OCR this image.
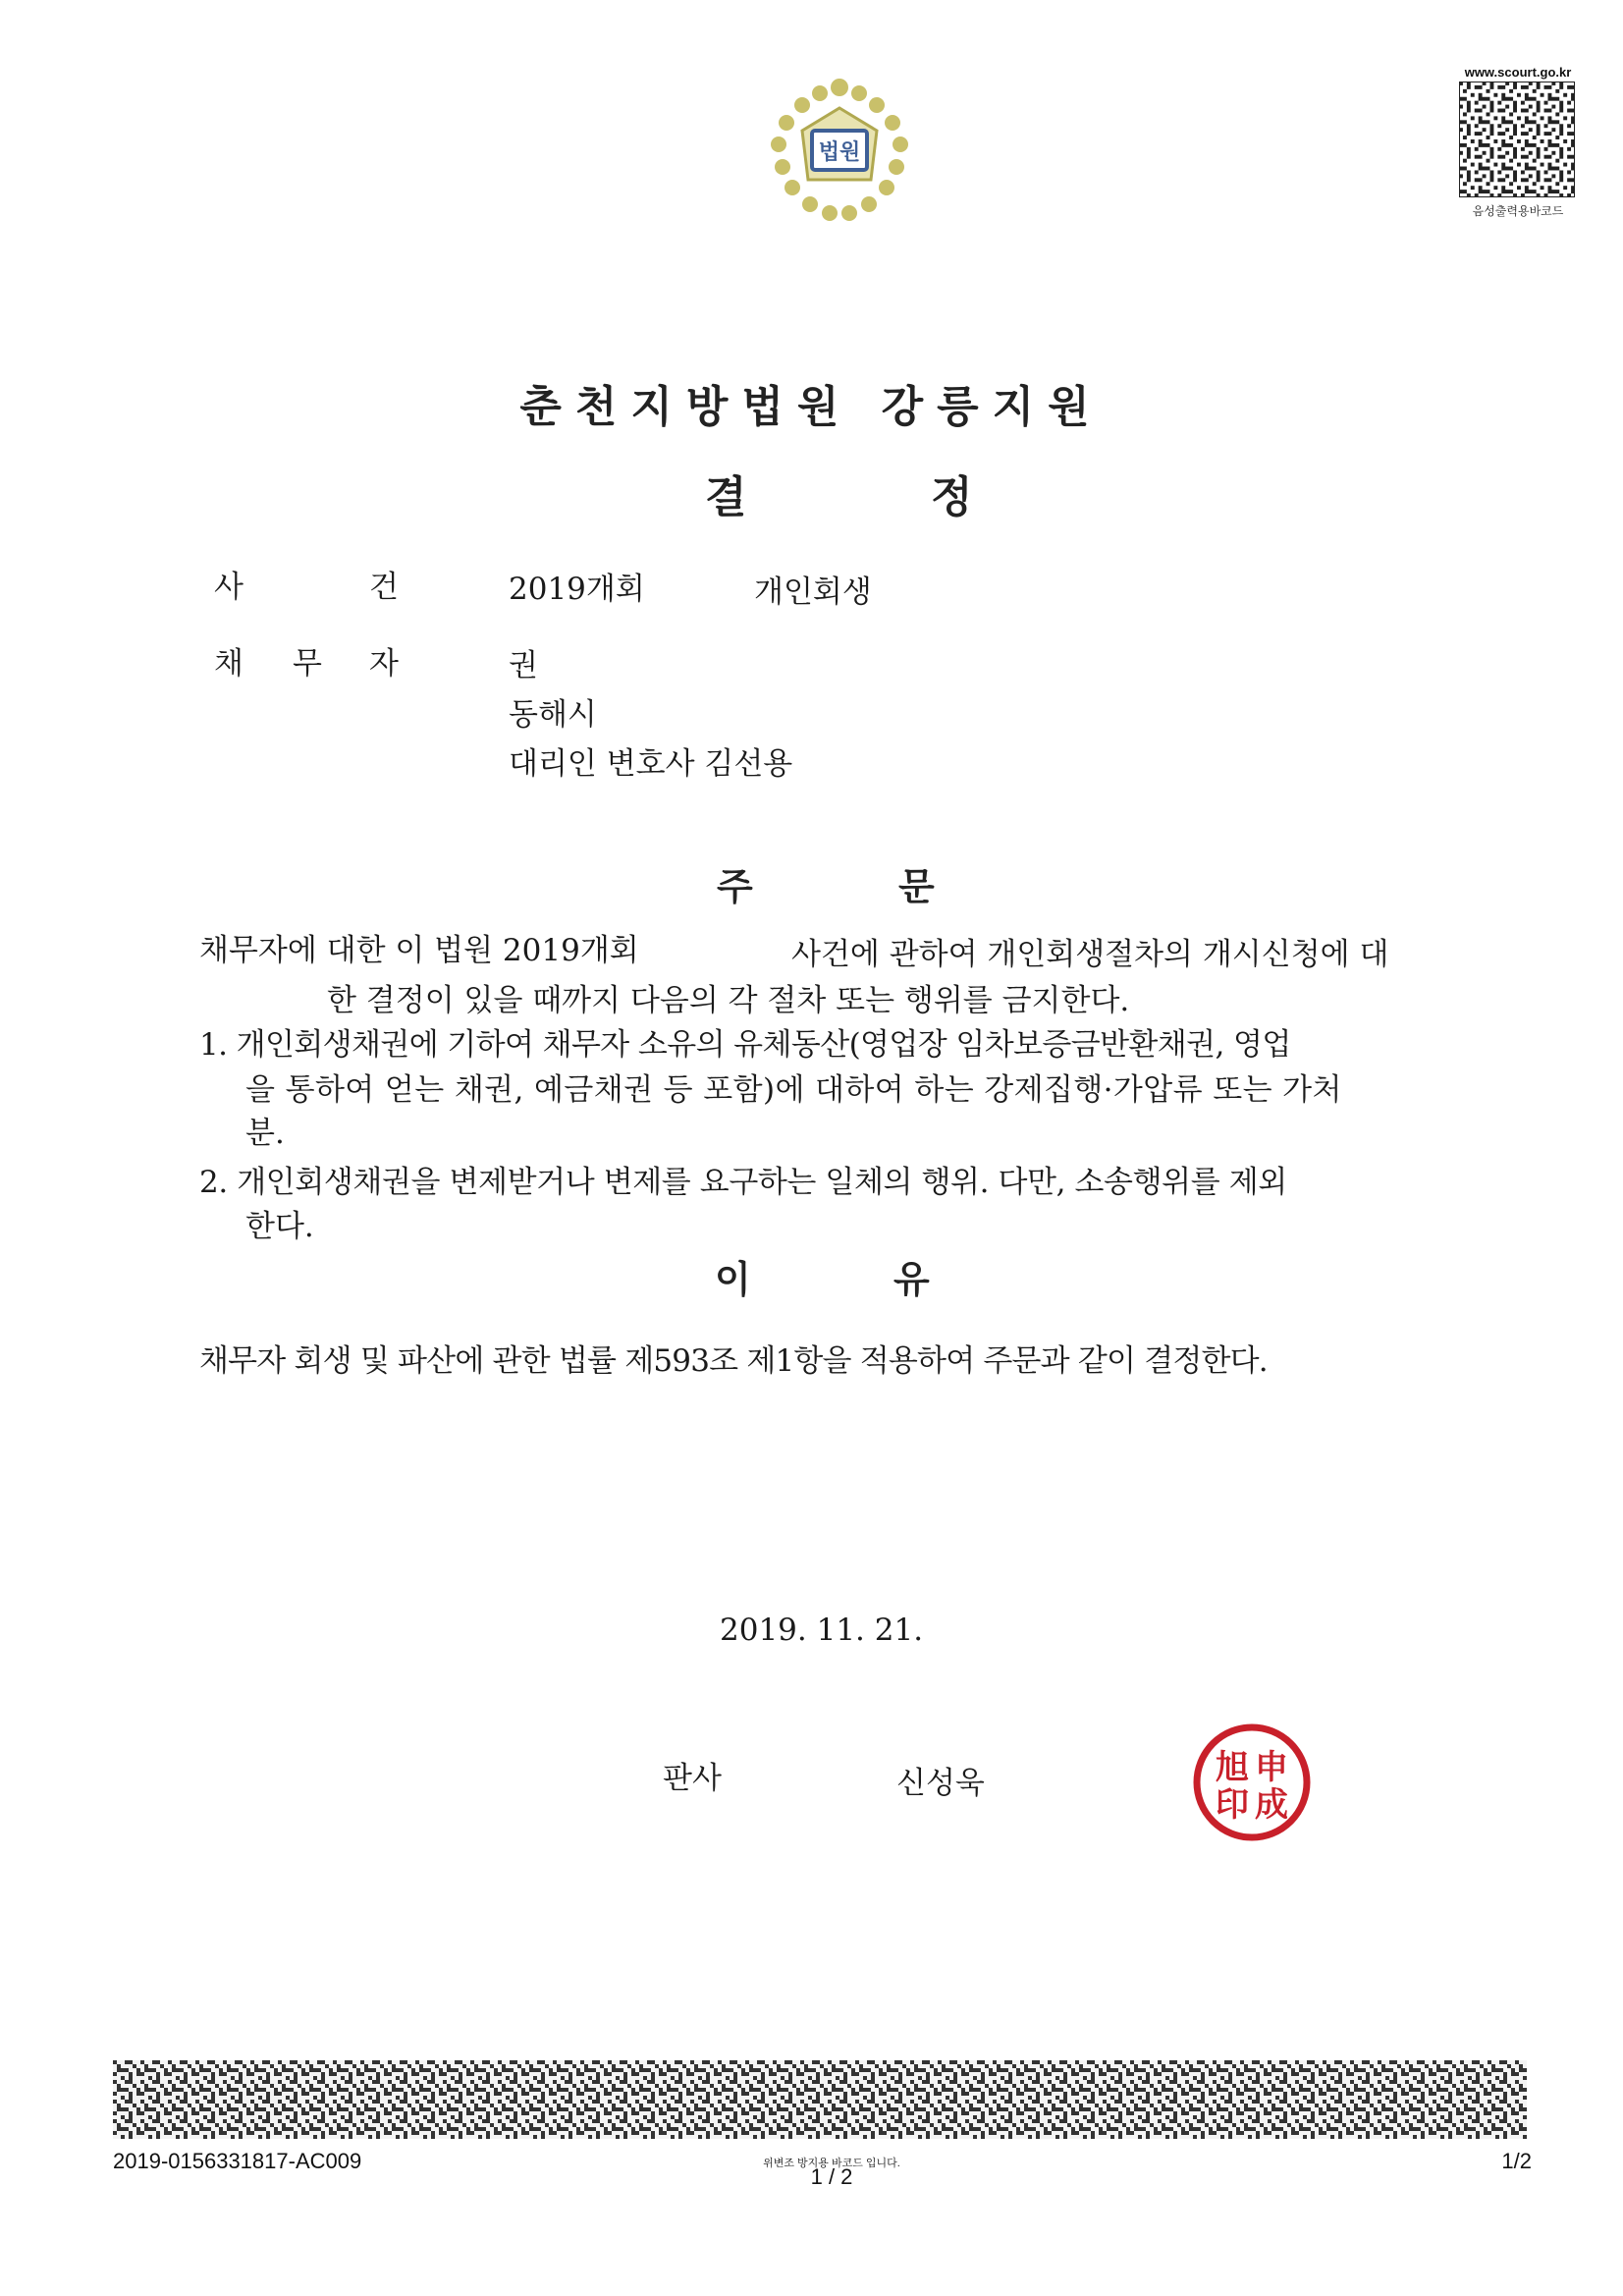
법원
www.scourt.go.kr
음성출력용바코드
춘천지방법원 강릉지원
결	정
사	건	2019개회	개인회생
채 무 자	권
동해시
대리인 변호사 김선용
주	문
채무자에 대한 이 법원 2019개회	사건에 관하여 개인회생절차의 개시신청에 대
한 결정이 있을 때까지 다음의 각 절차 또는 행위를 금지한다.
1. 개인회생채권에 기하여 채무자 소유의 유체동산(영업장 임차보증금반환채권, 영업
을 통하여 얻는 채권, 예금채권 등 포함)에 대하여 하는 강제집행·가압류 또는 가처
분.
2. 개인회생채권을 변제받거나 변제를 요구하는 일체의 행위. 다만, 소송행위를 제외
한다.
이	유
채무자 회생 및 파산에 관한 법률 제593조 제1항을 적용하여 주문과 같이 결정한다.
2019. 11. 21.
판사	신성욱	申
成
旭
印
2019-0156331817-AC009	위변조 방지용 바코드 입니다.
1 / 2
1/2
